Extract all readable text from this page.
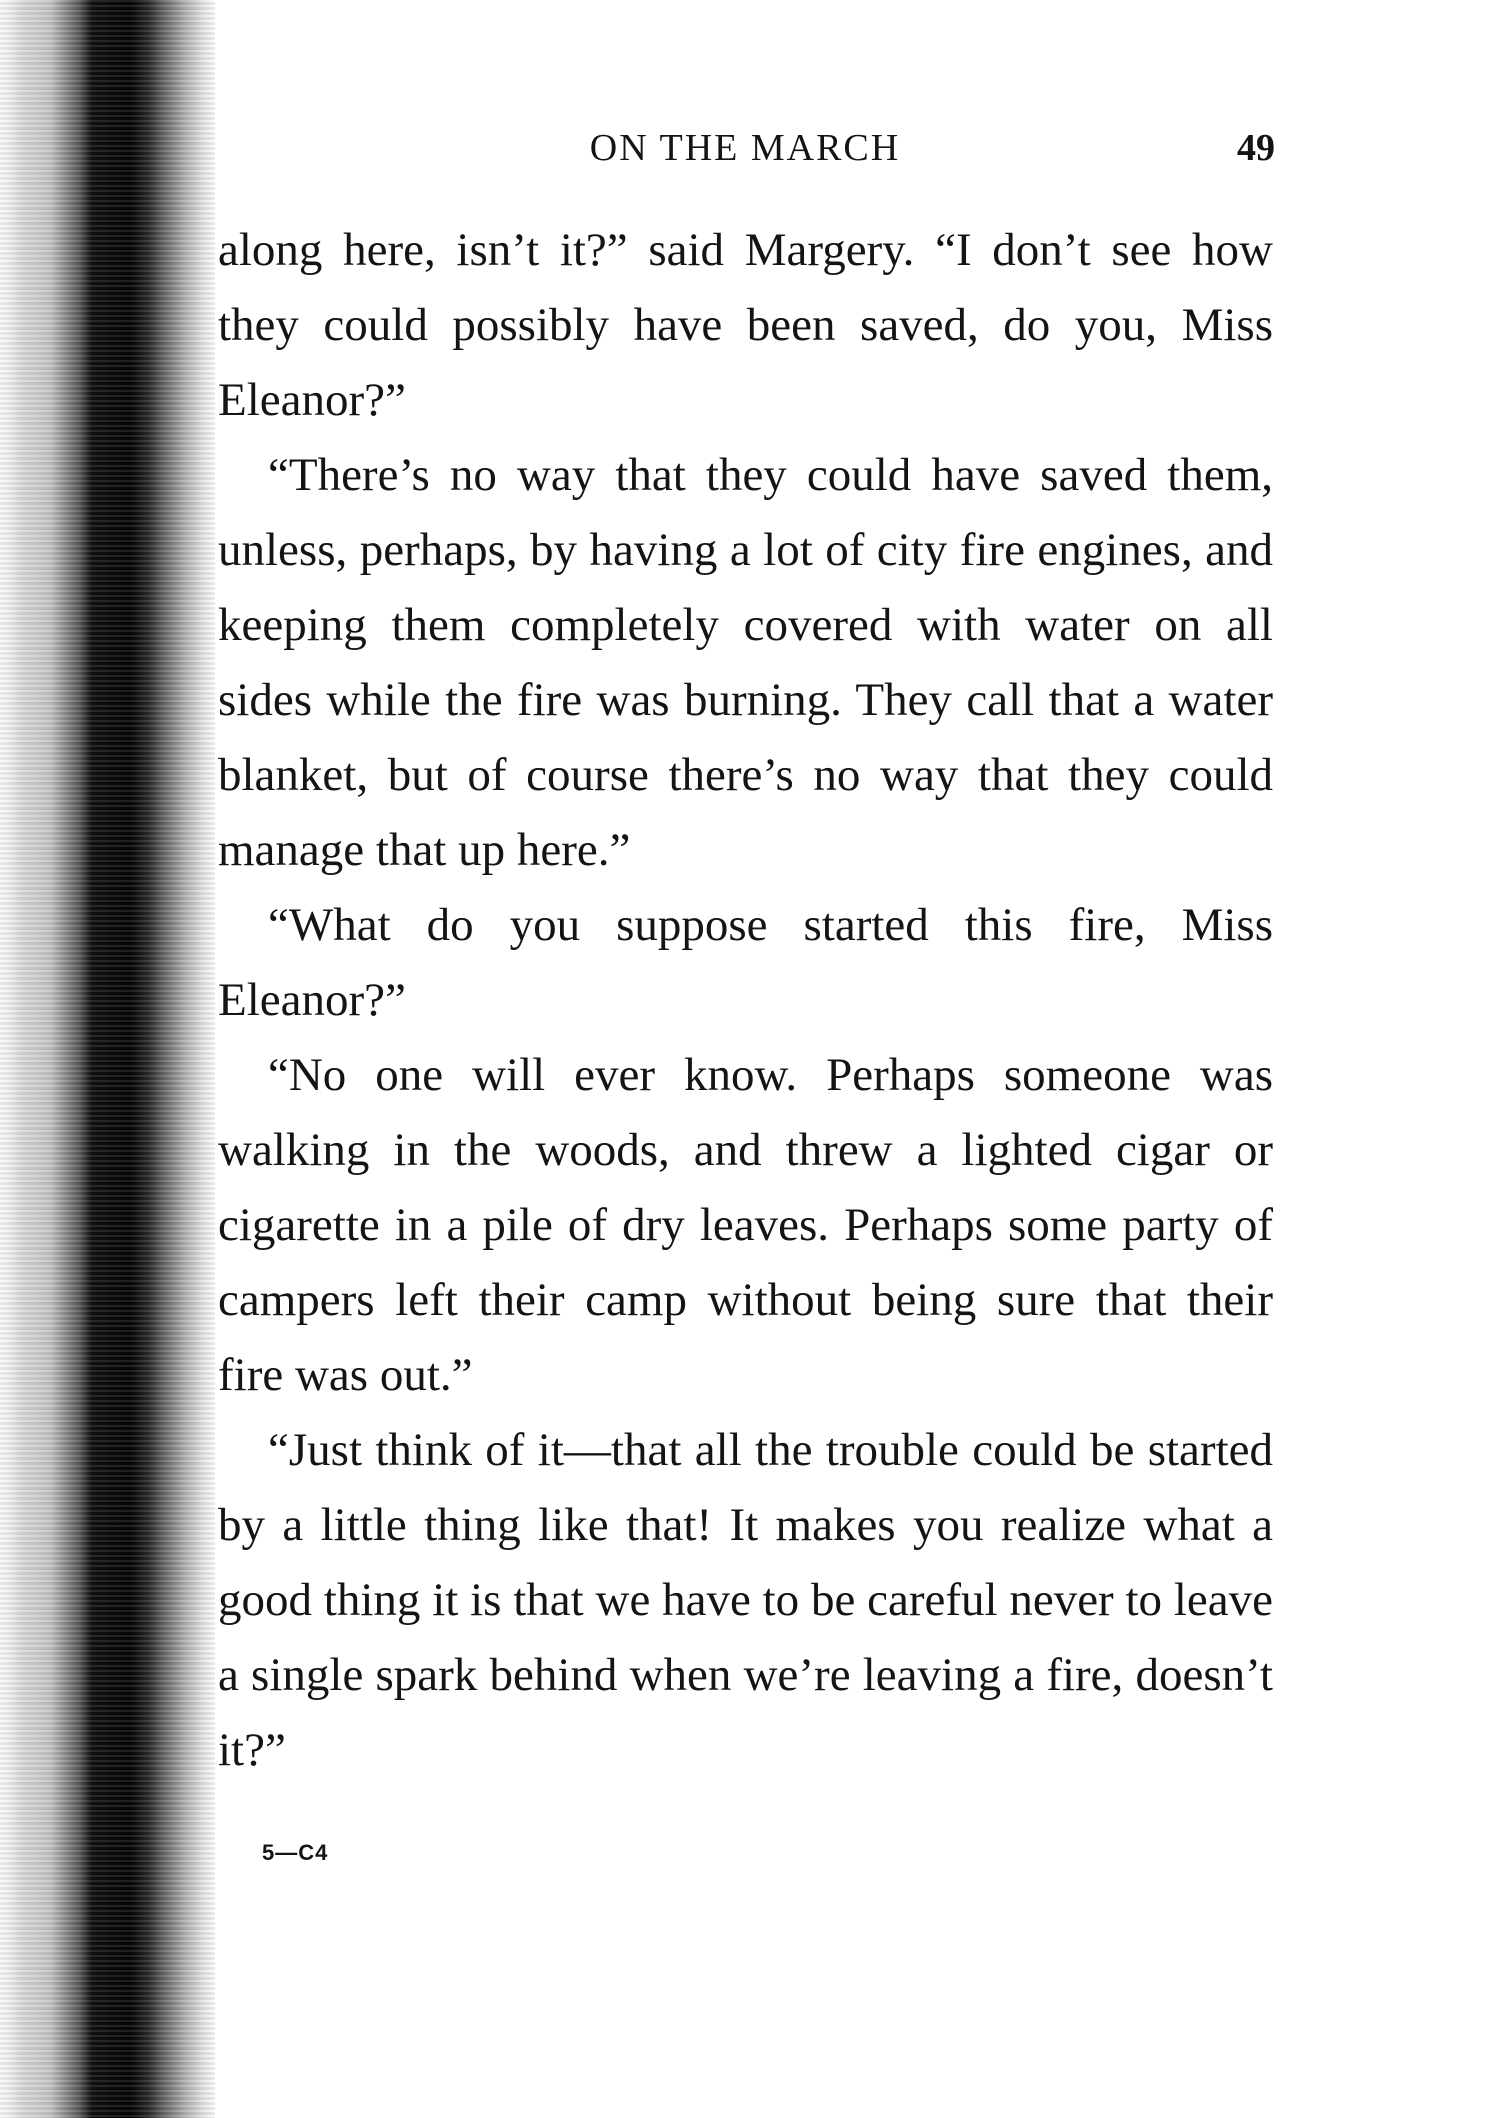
ON THE MARCH	49

along here, isn’t it?” said Margery. “I don’t see how they could possibly have been saved, do you, Miss Eleanor?”

“There’s no way that they could have saved them, unless, perhaps, by having a lot of city fire engines, and keeping them completely covered with water on all sides while the fire was burning. They call that a water blanket, but of course there’s no way that they could manage that up here.”

“What do you suppose started this fire, Miss Eleanor?”

“No one will ever know. Perhaps someone was walking in the woods, and threw a lighted cigar or cigarette in a pile of dry leaves. Perhaps some party of campers left their camp without being sure that their fire was out.”

“Just think of it—that all the trouble could be started by a little thing like that! It makes you realize what a good thing it is that we have to be careful never to leave a single spark behind when we’re leaving a fire, doesn’t it?”

5—C4
